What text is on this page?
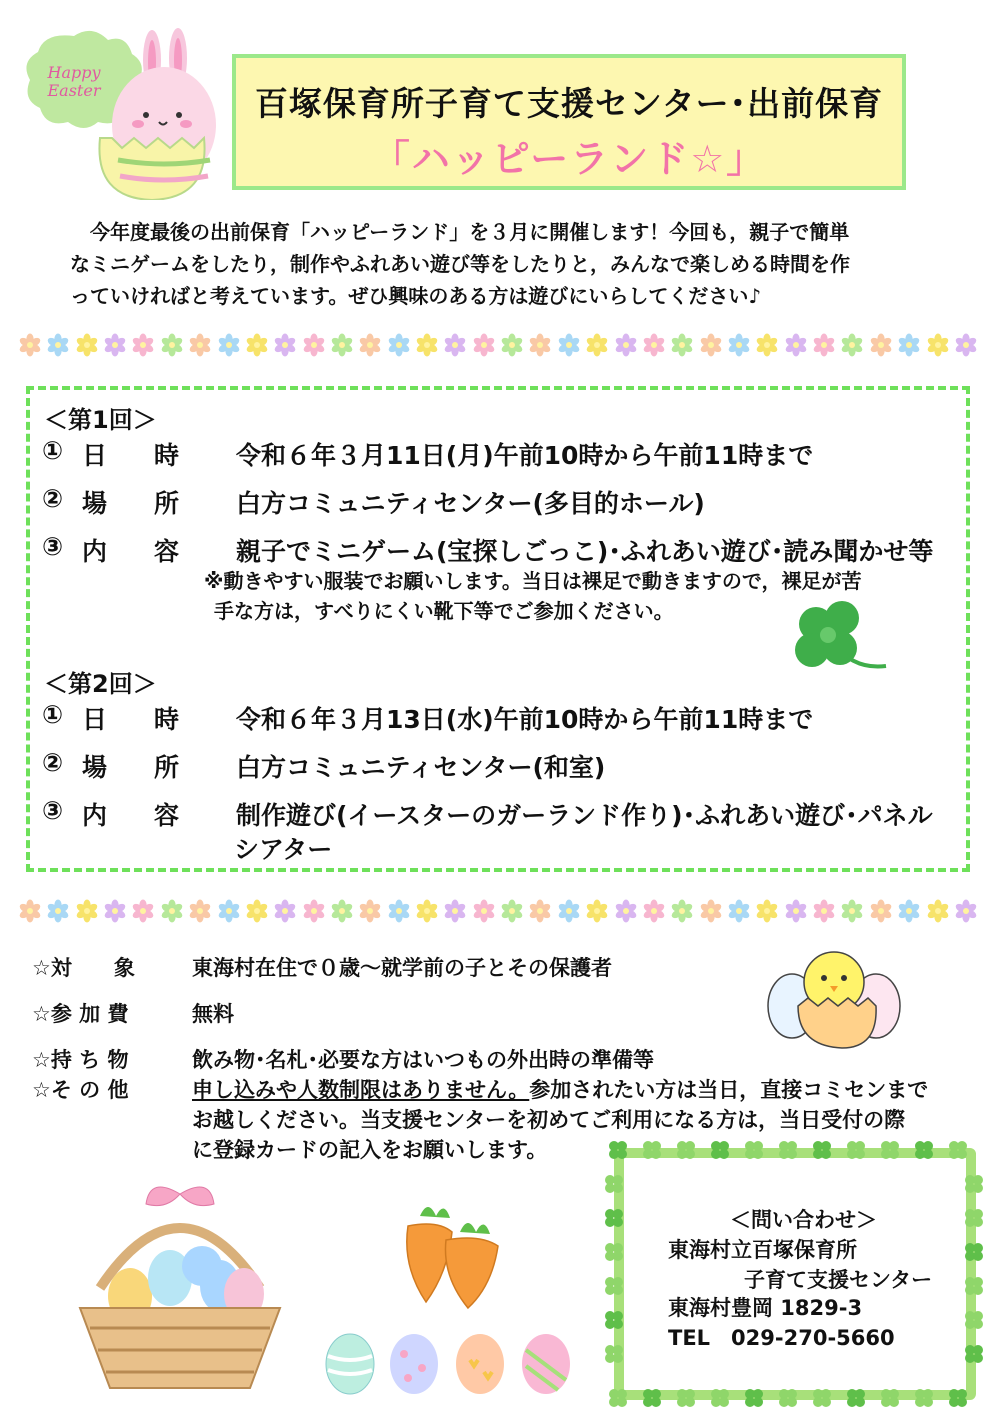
Happy
Easter	百塚保育所子育て支援センター･出前保育
「ハッピーランド☆」
　今年度最後の出前保育「ハッピーランド」を３月に開催します！今回も，親子で簡単
なミニゲームをしたり，制作やふれあい遊び等をしたりと，みんなで楽しめる時間を作
っていければと考えています。ぜひ興味のある方は遊びにいらしてください♪
＜第1回＞
① 日 時 令和６年３月11日(月)午前10時から午前11時まで
② 場 所 白方コミュニティセンター(多目的ホール)
③ 内 容 親子でミニゲーム(宝探しごっこ)･ふれあい遊び･読み聞かせ等
※動きやすい服装でお願いします。当日は裸足で動きますので，裸足が苦
手な方は，すべりにくい靴下等でご参加ください。
＜第2回＞
① 日 時 令和６年３月13日(水)午前10時から午前11時まで
② 場 所 白方コミュニティセンター(和室)
③ 内 容 制作遊び(イースターのガーランド作り)･ふれあい遊び･パネル
シアター
☆対　　象	東海村在住で０歳～就学前の子とその保護者
☆参 加 費	無料
☆持 ち 物	飲み物･名札･必要な方はいつもの外出時の準備等
☆そ の 他	申し込みや人数制限はありません。参加されたい方は当日，直接コミセンまで
お越しください。当支援センターを初めてご利用になる方は，当日受付の際
に登録カードの記入をお願いします。
＜問い合わせ＞
東海村立百塚保育所
子育て支援センター
東海村豊岡 1829-3
TEL　029-270-5660
